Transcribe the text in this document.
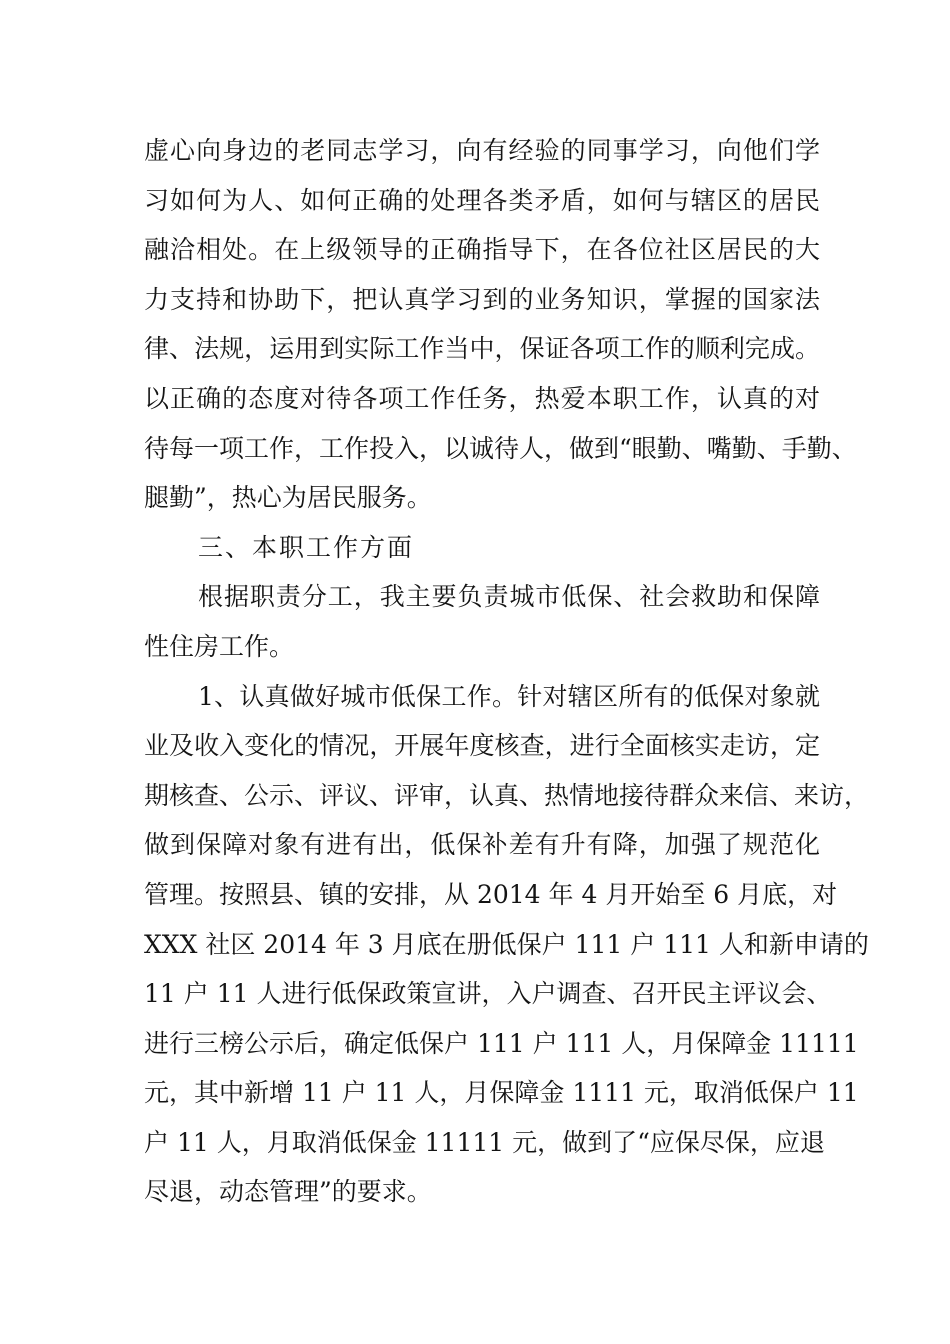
虚心向身边的老同志学习，向有经验的同事学习，向他们学
习如何为人、如何正确的处理各类矛盾，如何与辖区的居民
融洽相处。在上级领导的正确指导下，在各位社区居民的大
力支持和协助下，把认真学习到的业务知识，掌握的国家法
律、法规，运用到实际工作当中，保证各项工作的顺利完成。
以正确的态度对待各项工作任务，热爱本职工作，认真的对
待每一项工作，工作投入，以诚待人，做到“眼勤、嘴勤、手勤、
腿勤”，热心为居民服务。
三、本职工作方面
根据职责分工，我主要负责城市低保、社会救助和保障
性住房工作。
1、认真做好城市低保工作。针对辖区所有的低保对象就
业及收入变化的情况，开展年度核查，进行全面核实走访，定
期核查、公示、评议、评审，认真、热情地接待群众来信、来访，
做到保障对象有进有出，低保补差有升有降，加强了规范化
管理。按照县、镇的安排，从 2014 年 4 月开始至 6 月底，对
XXX 社区 2014 年 3 月底在册低保户 111 户 111 人和新申请的
11 户 11 人进行低保政策宣讲，入户调查、召开民主评议会、
进行三榜公示后，确定低保户 111 户 111 人，月保障金 11111
元，其中新增 11 户 11 人，月保障金 1111 元，取消低保户 11
户 11 人，月取消低保金 11111 元，做到了“应保尽保，应退
尽退，动态管理”的要求。
